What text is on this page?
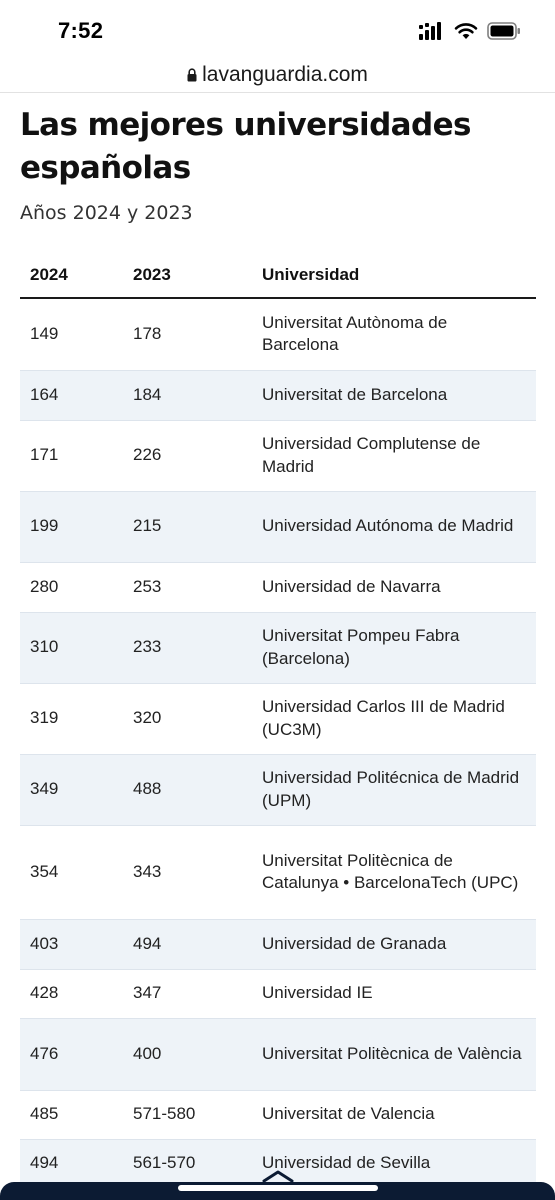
7:52
lavanguardia.com
Las mejores universidades españolas

Años 2024 y 2023

2024	2023	Universidad
149	178	Universitat Autònoma de Barcelona
164	184	Universitat de Barcelona
171	226	Universidad Complutense de Madrid
199	215	Universidad Autónoma de Madrid
280	253	Universidad de Navarra
310	233	Universitat Pompeu Fabra (Barcelona)
319	320	Universidad Carlos III de Madrid (UC3M)
349	488	Universidad Politécnica de Madrid (UPM)
354	343	Universitat Politècnica de Catalunya • BarcelonaTech (UPC)
403	494	Universidad de Granada
428	347	Universidad IE
476	400	Universitat Politècnica de València
485	571-580	Universitat de Valencia
494	561-570	Universidad de Sevilla
